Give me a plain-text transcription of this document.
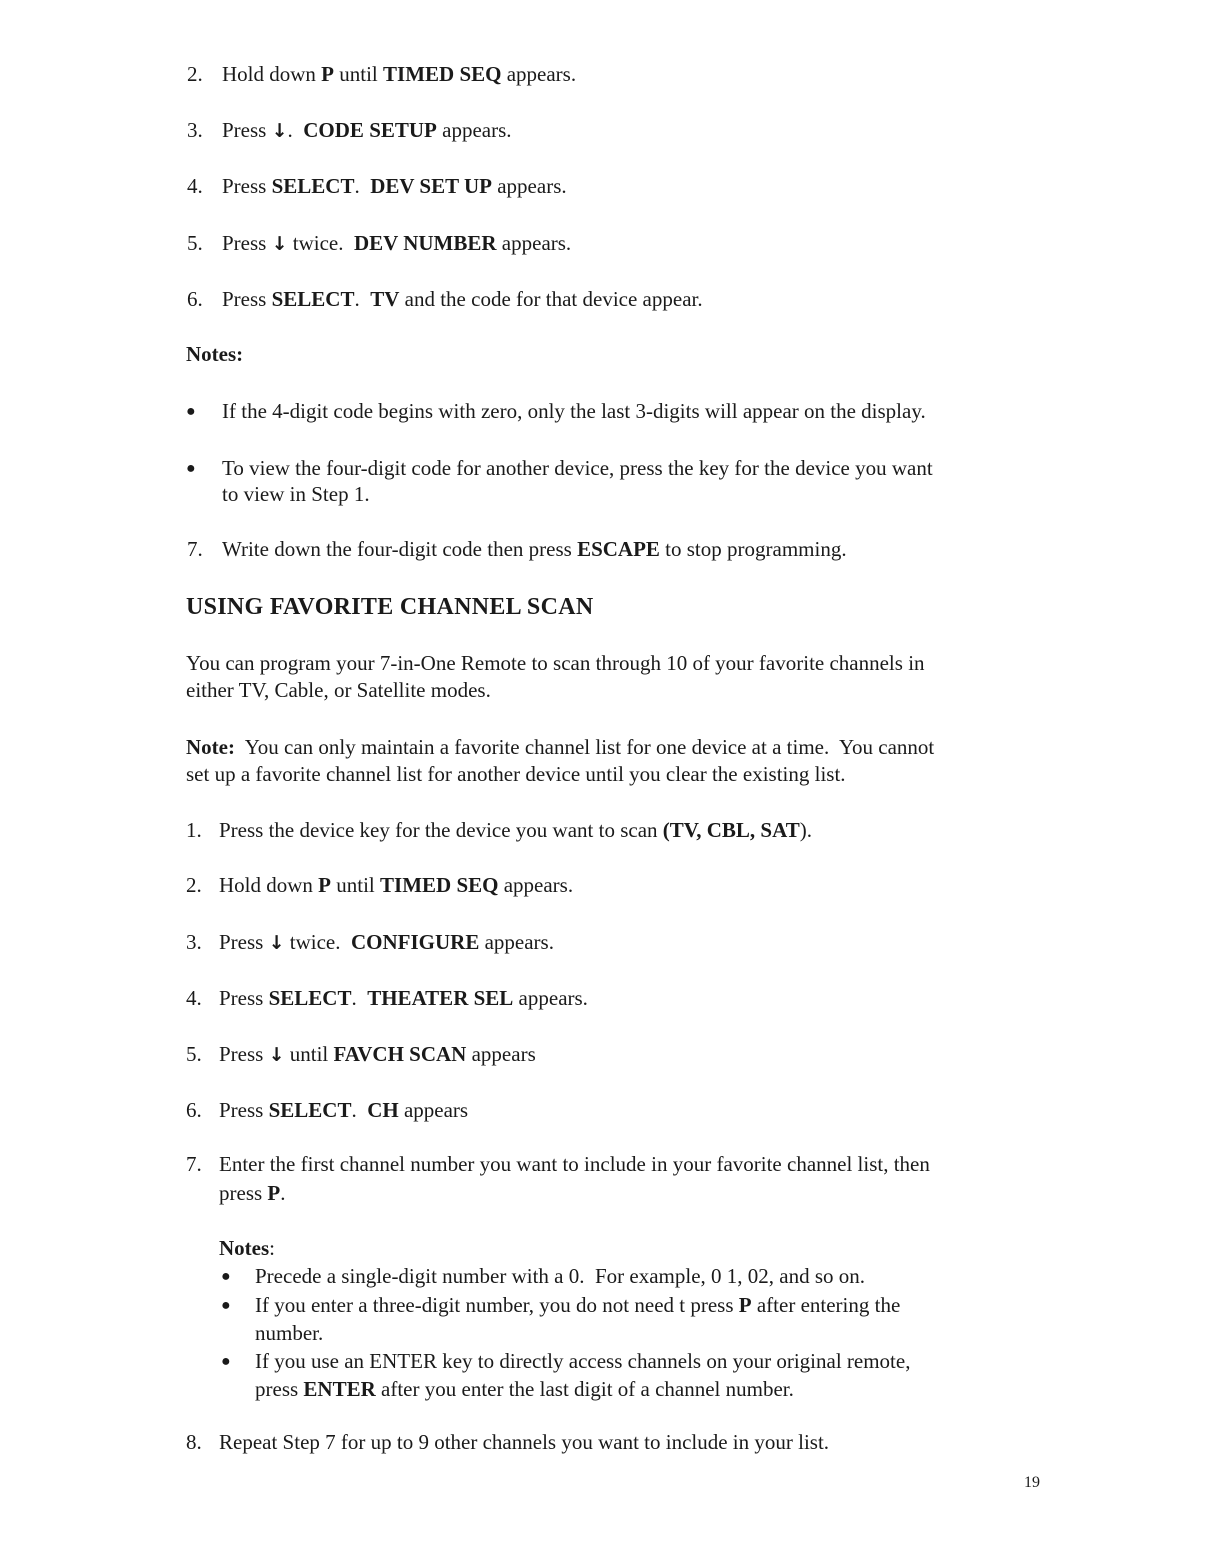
2. Hold down P until TIMED SEQ appears.
3. Press ↓.  CODE SETUP appears.
4. Press SELECT.  DEV SET UP appears.
5. Press ↓ twice.  DEV NUMBER appears.
6. Press SELECT.  TV and the code for that device appear.
Notes:
● If the 4-digit code begins with zero, only the last 3-digits will appear on the display.
● To view the four-digit code for another device, press the key for the device you want
to view in Step 1.
7. Write down the four-digit code then press ESCAPE to stop programming.
USING FAVORITE CHANNEL SCAN
You can program your 7-in-One Remote to scan through 10 of your favorite channels in
either TV, Cable, or Satellite modes.
Note:  You can only maintain a favorite channel list for one device at a time.  You cannot
set up a favorite channel list for another device until you clear the existing list.
1. Press the device key for the device you want to scan (TV, CBL, SAT).
2. Hold down P until TIMED SEQ appears.
3. Press ↓ twice.  CONFIGURE appears.
4. Press SELECT.  THEATER SEL appears.
5. Press ↓ until FAVCH SCAN appears
6. Press SELECT.  CH appears
7. Enter the first channel number you want to include in your favorite channel list, then
press P.
Notes:
● Precede a single-digit number with a 0.  For example, 0 1, 02, and so on.
● If you enter a three-digit number, you do not need t press P after entering the
number.
● If you use an ENTER key to directly access channels on your original remote,
press ENTER after you enter the last digit of a channel number.
8. Repeat Step 7 for up to 9 other channels you want to include in your list.
19
